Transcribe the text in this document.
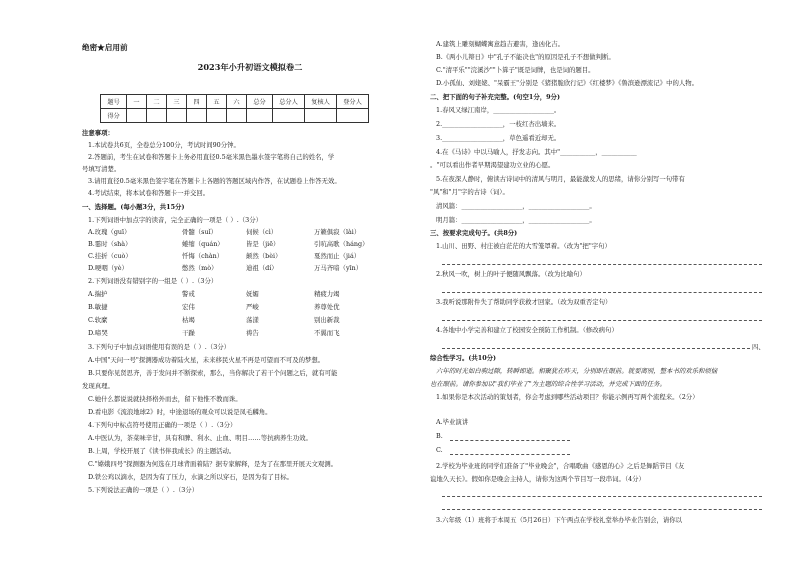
绝密★启用前
2023年小升初语文模拟卷二
题号	一	二	三	四	五	六	总分	总分人	复核人	登分人
得分										
注意事项：
1.本试卷共6页，全卷总分100分，考试时间90分钟。
2.答题前，考生在试卷和答题卡上务必用直径0.5毫米黑色墨水签字笔将自己的姓名，学
号填写清楚。
3.请用直径0.5毫米黑色签字笔在答题卡上各题的答题区域内作答，在试题卷上作答无效。
4.考试结束，将本试卷和答题卡一并交回。
一、选择题。(每小题3分，共15分)
1.下列词语中加点字的读音，完全正确的一项是（ ）.（3分）
A.玫瑰（guī）	骨髓（suǐ）	伺候（cì）	万籁俱寂（lài）
B.霎时（shà）	蜷缩（quán）	皆是（jiē）	引吭高歌（háng）
C.挂折（cuò）	忏悔（chàn）	颠然（bèi）	戛然而止（jiá）
D.哽咽（yè）	憋然（mò）	迪祖（dí）	万马齐喑（yīn）
2.下列词语没有错别字的一组是（ ）.（3分）
A.揣护	警戒	妩媚	精疲力竭
B.敏捷	宏伟	严峻	养尊处优
C.软縻	枯竭	荡漾	别出新裁
D.啼哭	干躁	祷告	不翼而飞
3.下列句子中加点词语使用有误的是（ ）.（3分）
A.中国"天问一号"探测器成功着陆火星，未来移民火星不再是可望而不可及的梦想。
B.只要你见贤思齐，善于发问并不断探索，那么，当你解决了若干个问题之后，就有可能
发现真理。
C.她什么都说说就抉择格外而去，留下他惟不教而诛。
D.看电影《流浪地球2》时，中途退场的观众可以说是凤毛麟角。
4.下列句中标点符号使用正确的一项是（ ）.（3分）
A.中医认为，茶菜味辛甘，具有和脾、利水、止血、明目……等抗病养生功效。
B.上周，学校开展了《读书伴我成长》的主题活动。
C."嫦娥四号"探测器为何选在月球背面着陆？据专家解释，是为了在那里开展天文观测。
D.铁公鸡以滴水，是因为有了压力，水滴之所以穿石，是因为有了目标。
5.下列说法正确的一项是（ ）.（3分）
A.建筑上雕刻蝴蝶寓意趋吉避害，逢凶化吉。
B.《两小儿辩日》中"孔子不能决也"的原因是孔子不想做判断。
C."清平乐""浣溪沙""卜算子"既是词牌，也是词的题目。
D.小孤仙、刘姥姥、"呆霸王"分别是《猪猪脆欣行记》《红楼梦》《鲁滨逊漂流记》中的人物。
二、把下面的句子补充完整。(句空1分，9分)
1.春风又绿江南岸，___________________。
2.___________________，一枝红杏出墙来。
3.___________________，草色遥看近却无。
4.在《马诗》中以马喻人，抒发志向。其中"___________，___________
。"可以看出作者早期渴望建功立业的心愿。
5.在夜深人静时，俯读古诗词中的清风与明月，最能激发人的思绪，请你分别写一句带有
"风"和"月"字的古诗（词）。
清风篇：___________________，___________________。
明月篇：___________________，___________________。
三、按要求完成句子。(共8分)
1.山川、田野、村庄被白茫茫的大雪笼罩着。（改为"把"字句）
2.秋风一吹，树上的叶子便随风飘落。（改为比喻句）
3.我听说那附件失了帮助同学获救才回家。（改为双重否定句）
4.各地中小学完善和建立了校园安全预防工作机制。（修改病句）
四、
综合性学习。(共10分)
六年的时光如白驹过隙，转瞬即逝。相聚犹在昨天，分别即在眼前。就要离别，整本书的欢乐和烦恼
也在眼前。请你参加以"我们毕业了"为主题的综合性学习活动，并完成下面的任务。
1.如果你是本次活动的策划者，你会考虑到哪些活动项目？你能示例再写两个流程来。（2分）
A.毕业演讲
B.
C.
2.学校为毕业班的同学们准备了"毕业晚会"，合唱歌曲《感恩的心》之后是舞蹈节目《友
谊地久天长》。假如你是晚会主持人，请你为这两个节目写一段串词。（4分）
3.六年级（1）班将于本周五（5月26日）下午两点在学校礼堂举办毕业告别会，请你以
